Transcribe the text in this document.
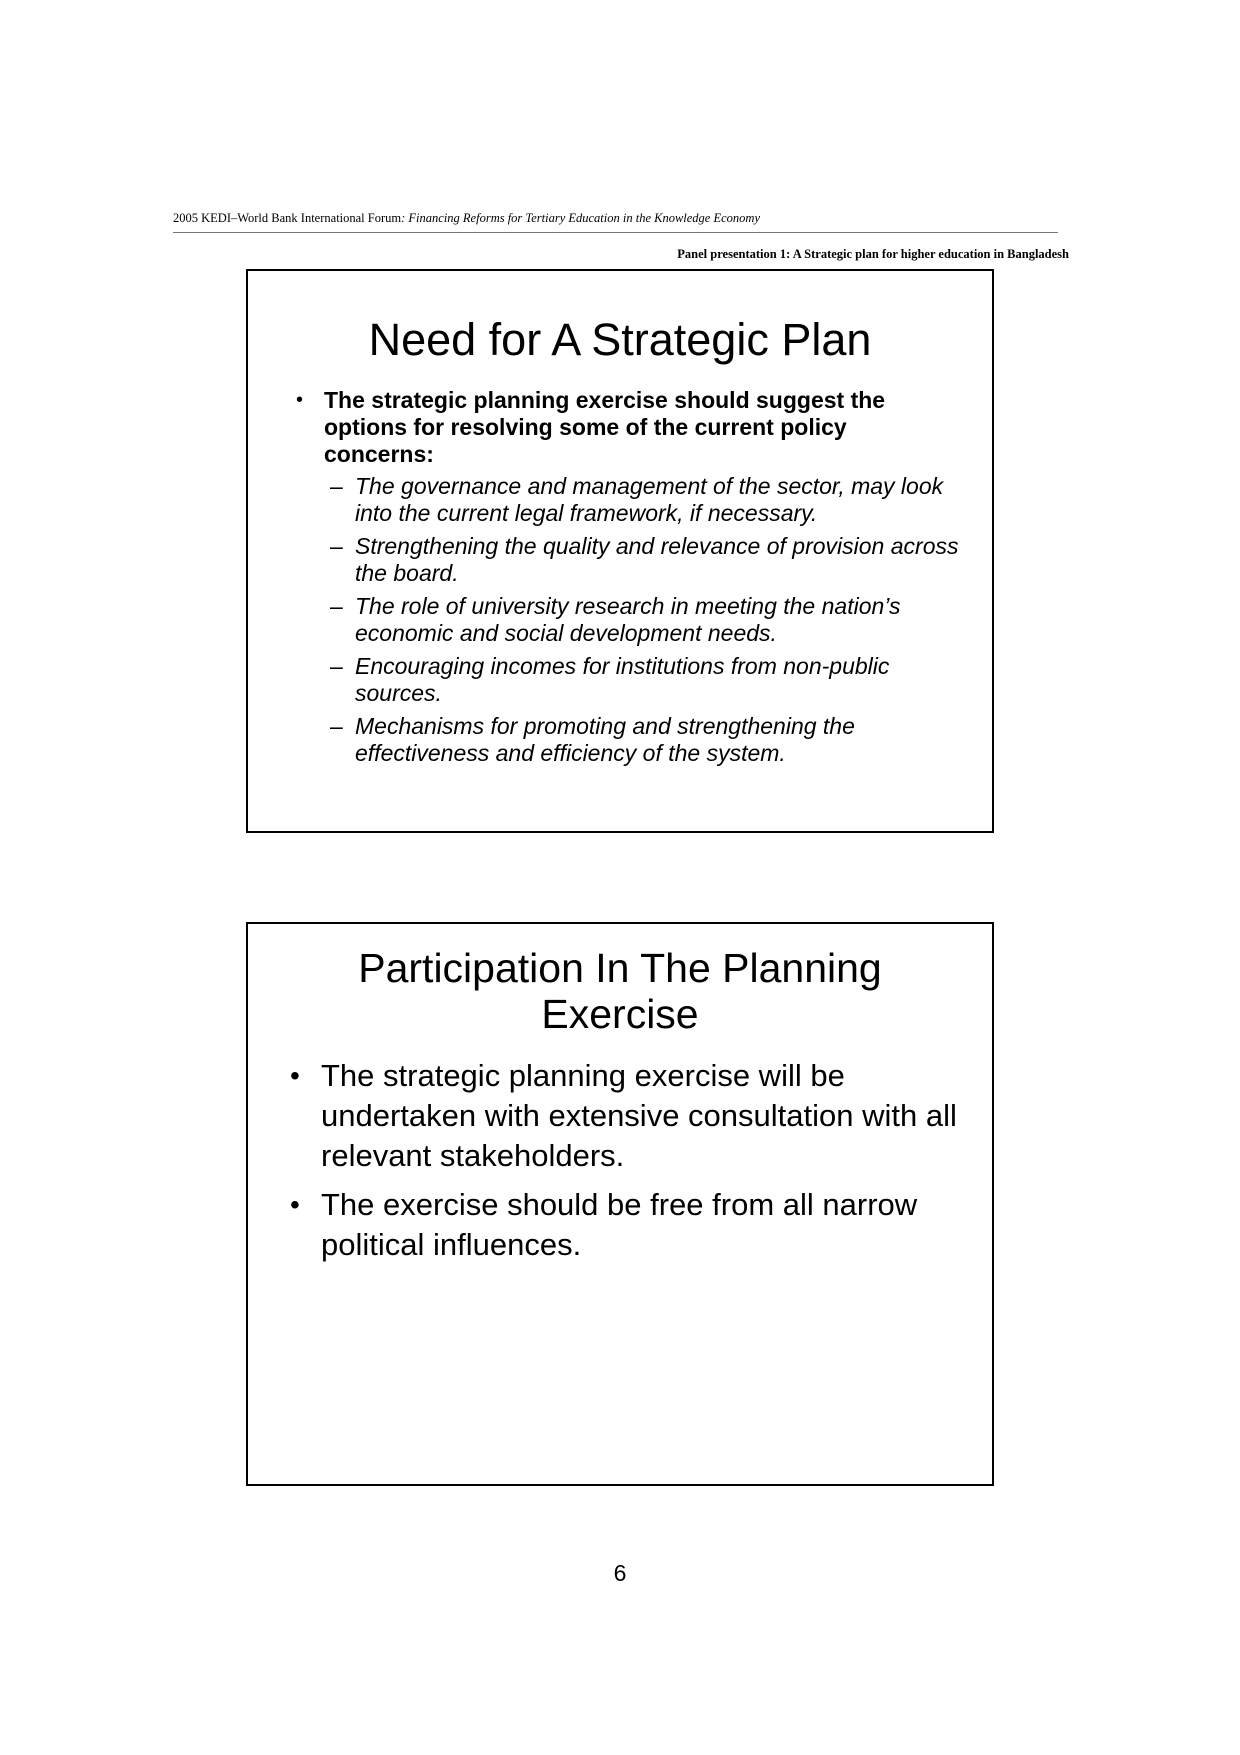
2005 KEDI–World Bank International Forum: Financing Reforms for Tertiary Education in the Knowledge Economy
Panel presentation 1: A Strategic plan for higher education in Bangladesh
Need for A Strategic Plan
• The strategic planning exercise should suggest the options for resolving some of the current policy concerns:
– The governance and management of the sector, may look into the current legal framework, if necessary.
– Strengthening the quality and relevance of provision across the board.
– The role of university research in meeting the nation’s economic and social development needs.
– Encouraging incomes for institutions from non-public sources.
– Mechanisms for promoting and strengthening the effectiveness and efficiency of the system.
Participation In The Planning
Exercise
• The strategic planning exercise will be undertaken with extensive consultation with all relevant stakeholders.
• The exercise should be free from all narrow political influences.
6
